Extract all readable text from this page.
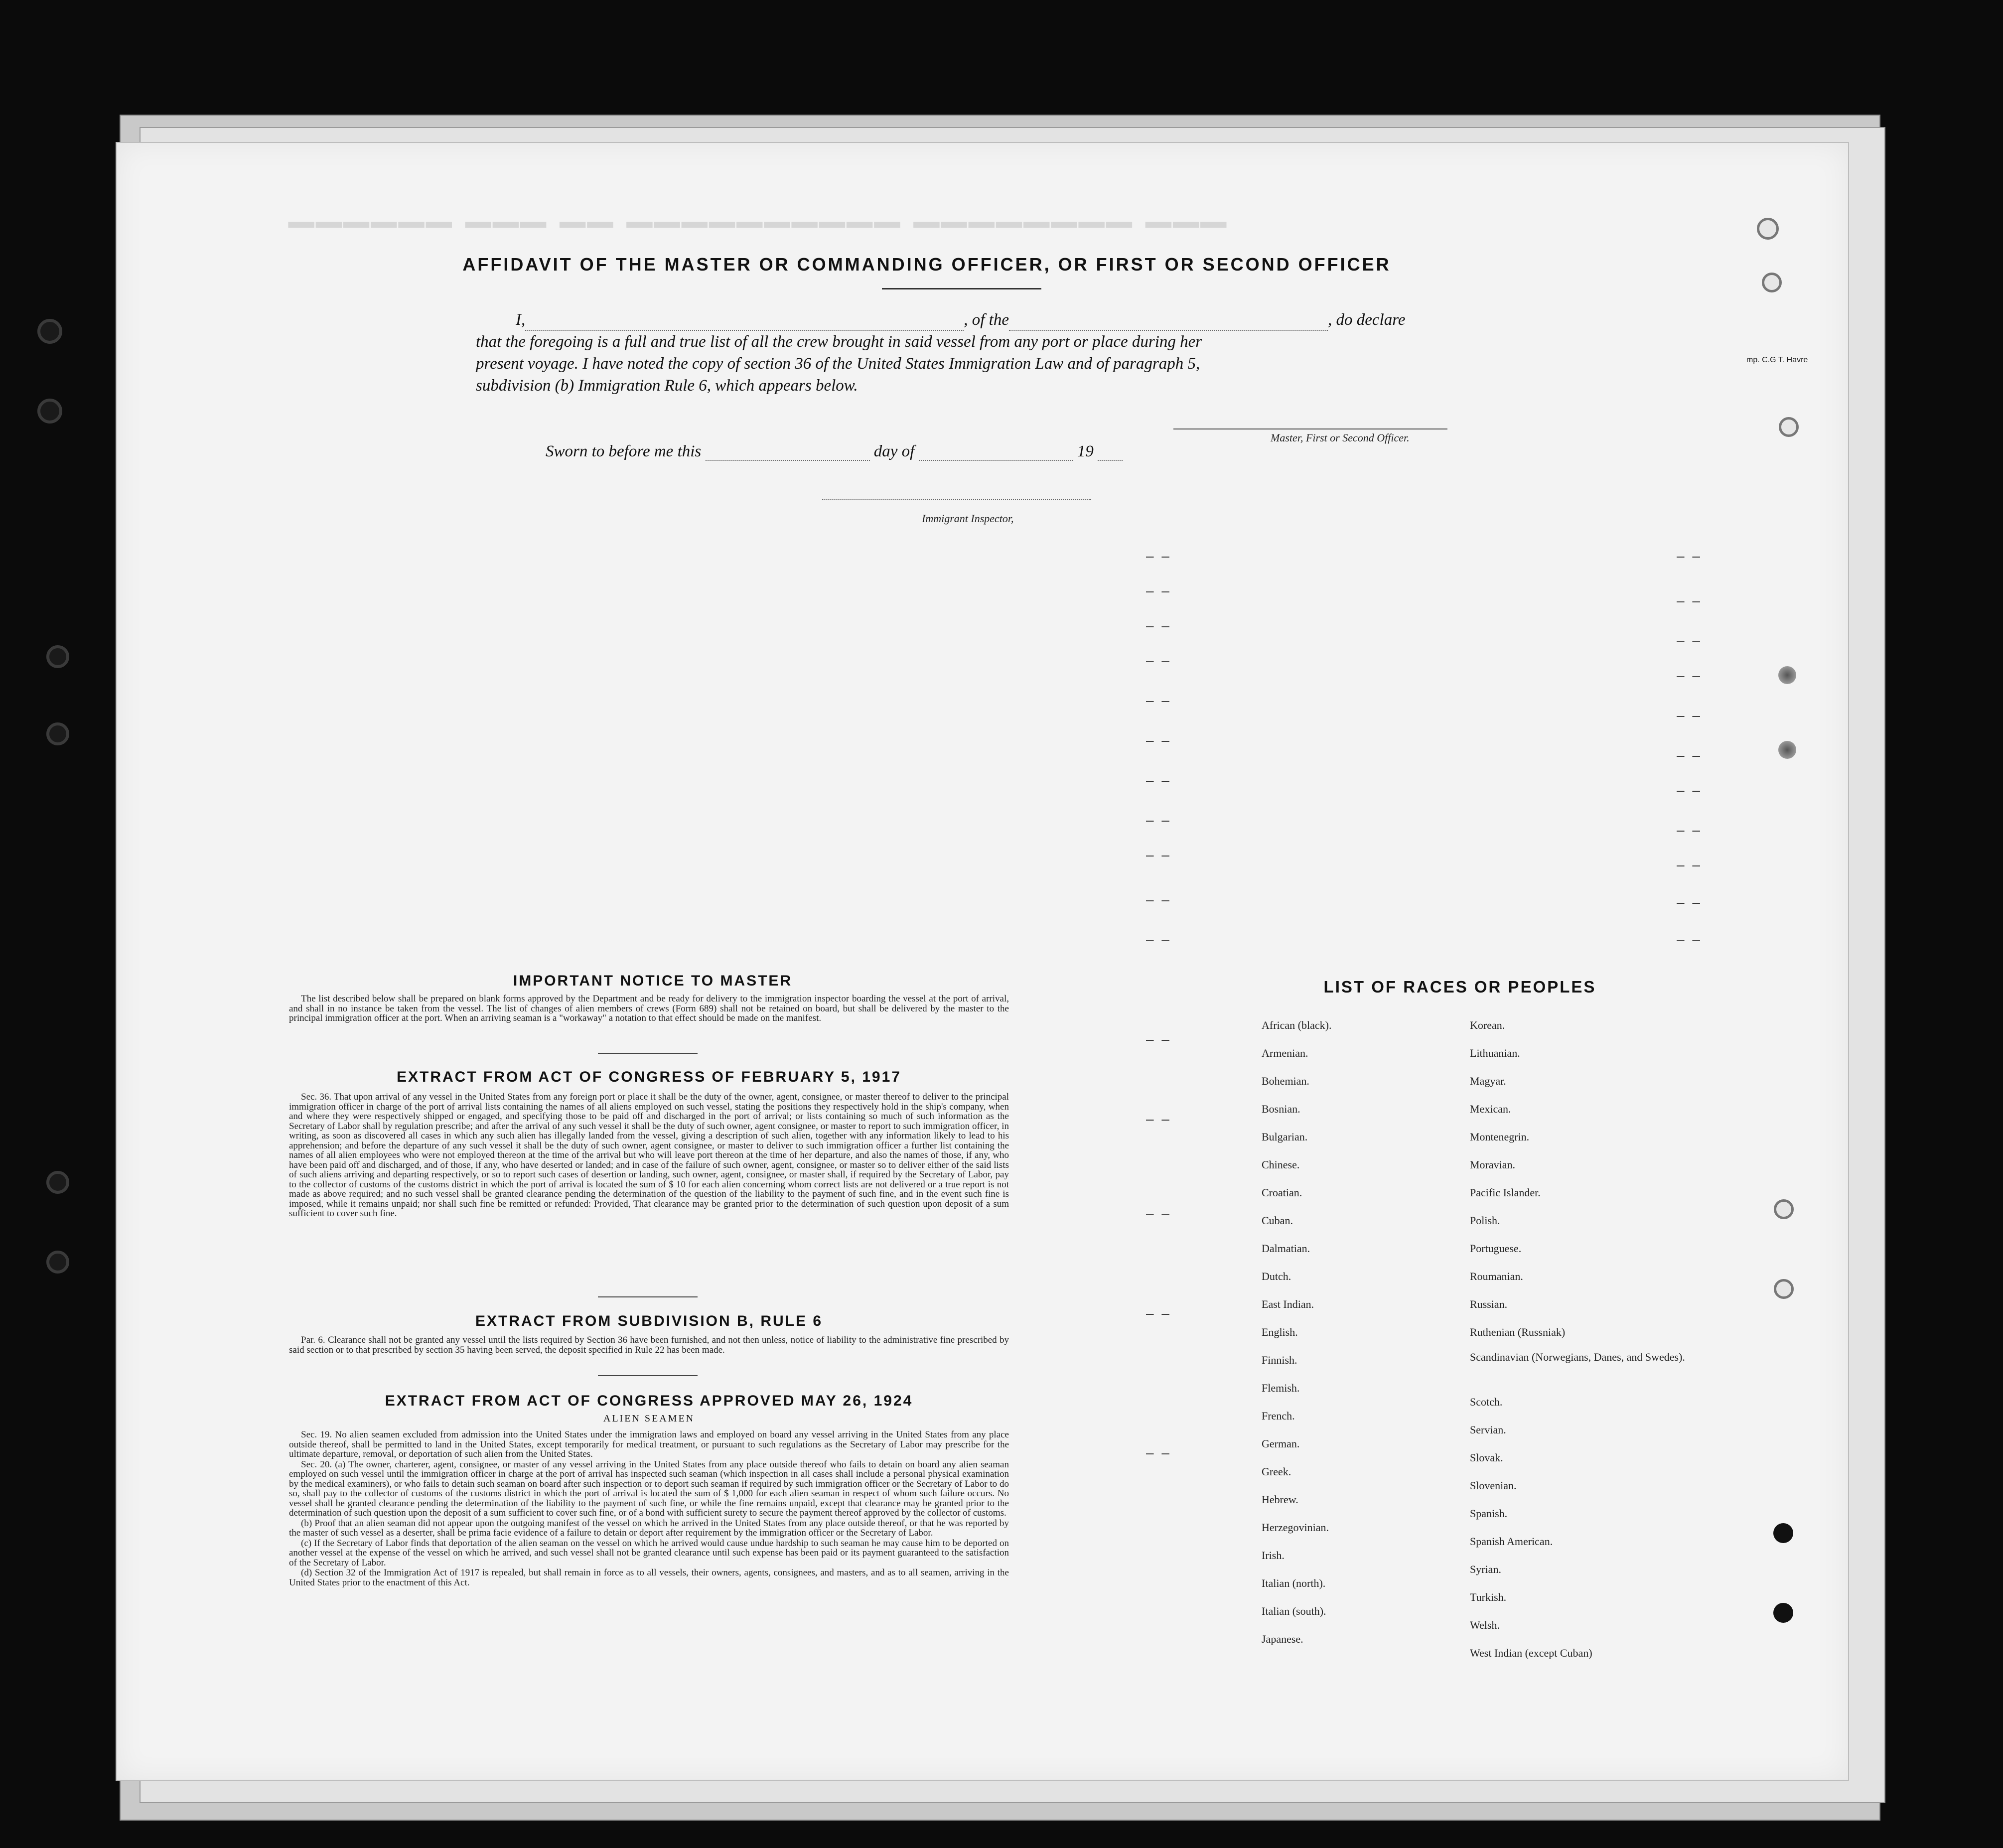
▔▔▔ ▔▔▔▔▔▔▔▔ ▔▔▔▔▔▔▔▔▔▔ ▔▔ ▔▔▔ ▔▔▔▔▔▔
mp. C.G T. Havre
AFFIDAVIT OF THE MASTER OR COMMANDING OFFICER, OR FIRST OR SECOND OFFICER
I,	, of the	, do declare
that the foregoing is a full and true list of all the crew brought in said vessel from any port or place during her
present voyage. I have noted the copy of section 36 of the United States Immigration Law and of paragraph 5,
subdivision (b) Immigration Rule 6, which appears below.
Master, First or Second Officer.
Sworn to before me this	day of	19
Immigrant Inspector,
– –
– –
– –
– –
– –
– –
– –
– –
– –
– –
– –
– –
– –
– –
– –
– –
– –
– –
– –
– –
– –
– –
– –
– –
– –
– –
– –
IMPORTANT NOTICE TO MASTER

The list described below shall be prepared on blank forms approved by the Department and be ready for delivery to the immigration inspector boarding the vessel at the port of arrival, and shall in no instance be taken from the vessel. The list of changes of alien members of crews (Form 689) shall not be retained on board, but shall be delivered by the master to the principal immigration officer at the port. When an arriving seaman is a "workaway" a notation to that effect should be made on the manifest.

EXTRACT FROM ACT OF CONGRESS OF FEBRUARY 5, 1917

Sec. 36. That upon arrival of any vessel in the United States from any foreign port or place it shall be the duty of the owner, agent, consignee, or master thereof to deliver to the principal immigration officer in charge of the port of arrival lists containing the names of all aliens employed on such vessel, stating the positions they respectively hold in the ship's company, when and where they were respectively shipped or engaged, and specifying those to be paid off and discharged in the port of arrival; or lists containing so much of such information as the Secretary of Labor shall by regulation prescribe; and after the arrival of any such vessel it shall be the duty of such owner, agent consignee, or master to report to such immigration officer, in writing, as soon as discovered all cases in which any such alien has illegally landed from the vessel, giving a description of such alien, together with any information likely to lead to his apprehension; and before the departure of any such vessel it shall be the duty of such owner, agent consignee, or master to deliver to such immigration officer a further list containing the names of all alien employees who were not employed thereon at the time of the arrival but who will leave port thereon at the time of her departure, and also the names of those, if any, who have been paid off and discharged, and of those, if any, who have deserted or landed; and in case of the failure of such owner, agent, consignee, or master so to deliver either of the said lists of such aliens arriving and departing respectively, or so to report such cases of desertion or landing, such owner, agent, consignee, or master shall, if required by the Secretary of Labor, pay to the collector of customs of the customs district in which the port of arrival is located the sum of $ 10 for each alien concerning whom correct lists are not delivered or a true report is not made as above required; and no such vessel shall be granted clearance pending the determination of the question of the liability to the payment of such fine, and in the event such fine is imposed, while it remains unpaid; nor shall such fine be remitted or refunded: Provided, That clearance may be granted prior to the determination of such question upon deposit of a sum sufficient to cover such fine.

EXTRACT FROM SUBDIVISION B, RULE 6

Par. 6. Clearance shall not be granted any vessel until the lists required by Section 36 have been furnished, and not then unless, notice of liability to the administrative fine prescribed by said section or to that prescribed by section 35 having been served, the deposit specified in Rule 22 has been made.

EXTRACT FROM ACT OF CONGRESS APPROVED MAY 26, 1924
ALIEN SEAMEN

Sec. 19. No alien seamen excluded from admission into the United States under the immigration laws and employed on board any vessel arriving in the United States from any place outside thereof, shall be permitted to land in the United States, except temporarily for medical treatment, or pursuant to such regulations as the Secretary of Labor may prescribe for the ultimate departure, removal, or deportation of such alien from the United States.

Sec. 20. (a) The owner, charterer, agent, consignee, or master of any vessel arriving in the United States from any place outside thereof who fails to detain on board any alien seaman employed on such vessel until the immigration officer in charge at the port of arrival has inspected such seaman (which inspection in all cases shall include a personal physical examination by the medical examiners), or who fails to detain such seaman on board after such inspection or to deport such seaman if required by such immigration officer or the Secretary of Labor to do so, shall pay to the collector of customs of the customs district in which the port of arrival is located the sum of $ 1,000 for each alien seaman in respect of whom such failure occurs. No vessel shall be granted clearance pending the determination of the liability to the payment of such fine, or while the fine remains unpaid, except that clearance may be granted prior to the determination of such question upon the deposit of a sum sufficient to cover such fine, or of a bond with sufficient surety to secure the payment thereof approved by the collector of customs.

(b) Proof that an alien seaman did not appear upon the outgoing manifest of the vessel on which he arrived in the United States from any place outside thereof, or that he was reported by the master of such vessel as a deserter, shall be prima facie evidence of a failure to detain or deport after requirement by the immigration officer or the Secretary of Labor.

(c) If the Secretary of Labor finds that deportation of the alien seaman on the vessel on which he arrived would cause undue hardship to such seaman he may cause him to be deported on another vessel at the expense of the vessel on which he arrived, and such vessel shall not be granted clearance until such expense has been paid or its payment guaranteed to the satisfaction of the Secretary of Labor.

(d) Section 32 of the Immigration Act of 1917 is repealed, but shall remain in force as to all vessels, their owners, agents, consignees, and masters, and as to all seamen, arriving in the United States prior to the enactment of this Act.

LIST OF RACES OR PEOPLES
African (black).
Armenian.
Bohemian.
Bosnian.
Bulgarian.
Chinese.
Croatian.
Cuban.
Dalmatian.
Dutch.
East Indian.
English.
Finnish.
Flemish.
French.
German.
Greek.
Hebrew.
Herzegovinian.
Irish.
Italian (north).
Italian (south).
Japanese.
Korean.
Lithuanian.
Magyar.
Mexican.
Montenegrin.
Moravian.
Pacific Islander.
Polish.
Portuguese.
Roumanian.
Russian.
Ruthenian (Russniak)
Scandinavian (Norwegians, Danes, and Swedes).
Scotch.
Servian.
Slovak.
Slovenian.
Spanish.
Spanish American.
Syrian.
Turkish.
Welsh.
West Indian (except Cuban)
